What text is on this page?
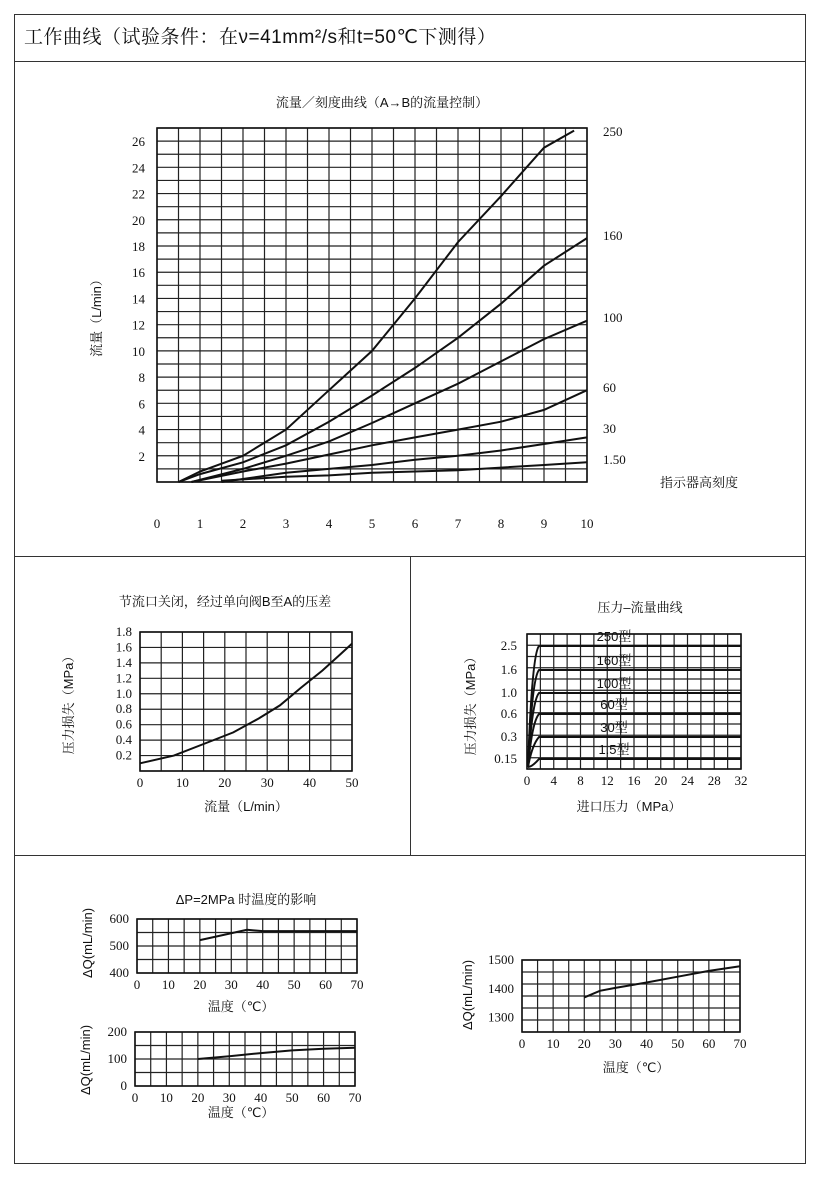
工作曲线（试验条件：在ν=41mm²/s和t=50℃下测得）
流量／刻度曲线（A→B的流量控制）
2
4
6
8
10
12
14
16
18
20
22
24
26
0	1	2	3	4	5	6	7	8	9	10
流量（L/min）
250
160
100
60
30
1.50
指示器高刻度
节流口关闭，经过单向阀B至A的压差
0.2
0.4
0.6
0.8
1.0
1.2
1.4
1.6
1.8
0	10 20 30 40 50
流量（L/min）
压力损失（MPa）
压力–流量曲线
0.15
0.3
0.6
1.0
1.6
2.5
0 4 8 12 16 20 24 28 32
进口压力（MPa）
压力损失（MPa）
250型
160型
100型
60型
30型
1.5型
ΔP=2MPa 时温度的影响
400
500
600
0 10 20 30 40 50 60 70
ΔQ(mL/min)
温度（℃）
0
100
200
0 10 20 30 40 50 60 70
ΔQ(mL/min)
温度（℃）
1300
1400
1500
0 10 20 30 40 50 60 70
ΔQ(mL/min)
温度（℃）
